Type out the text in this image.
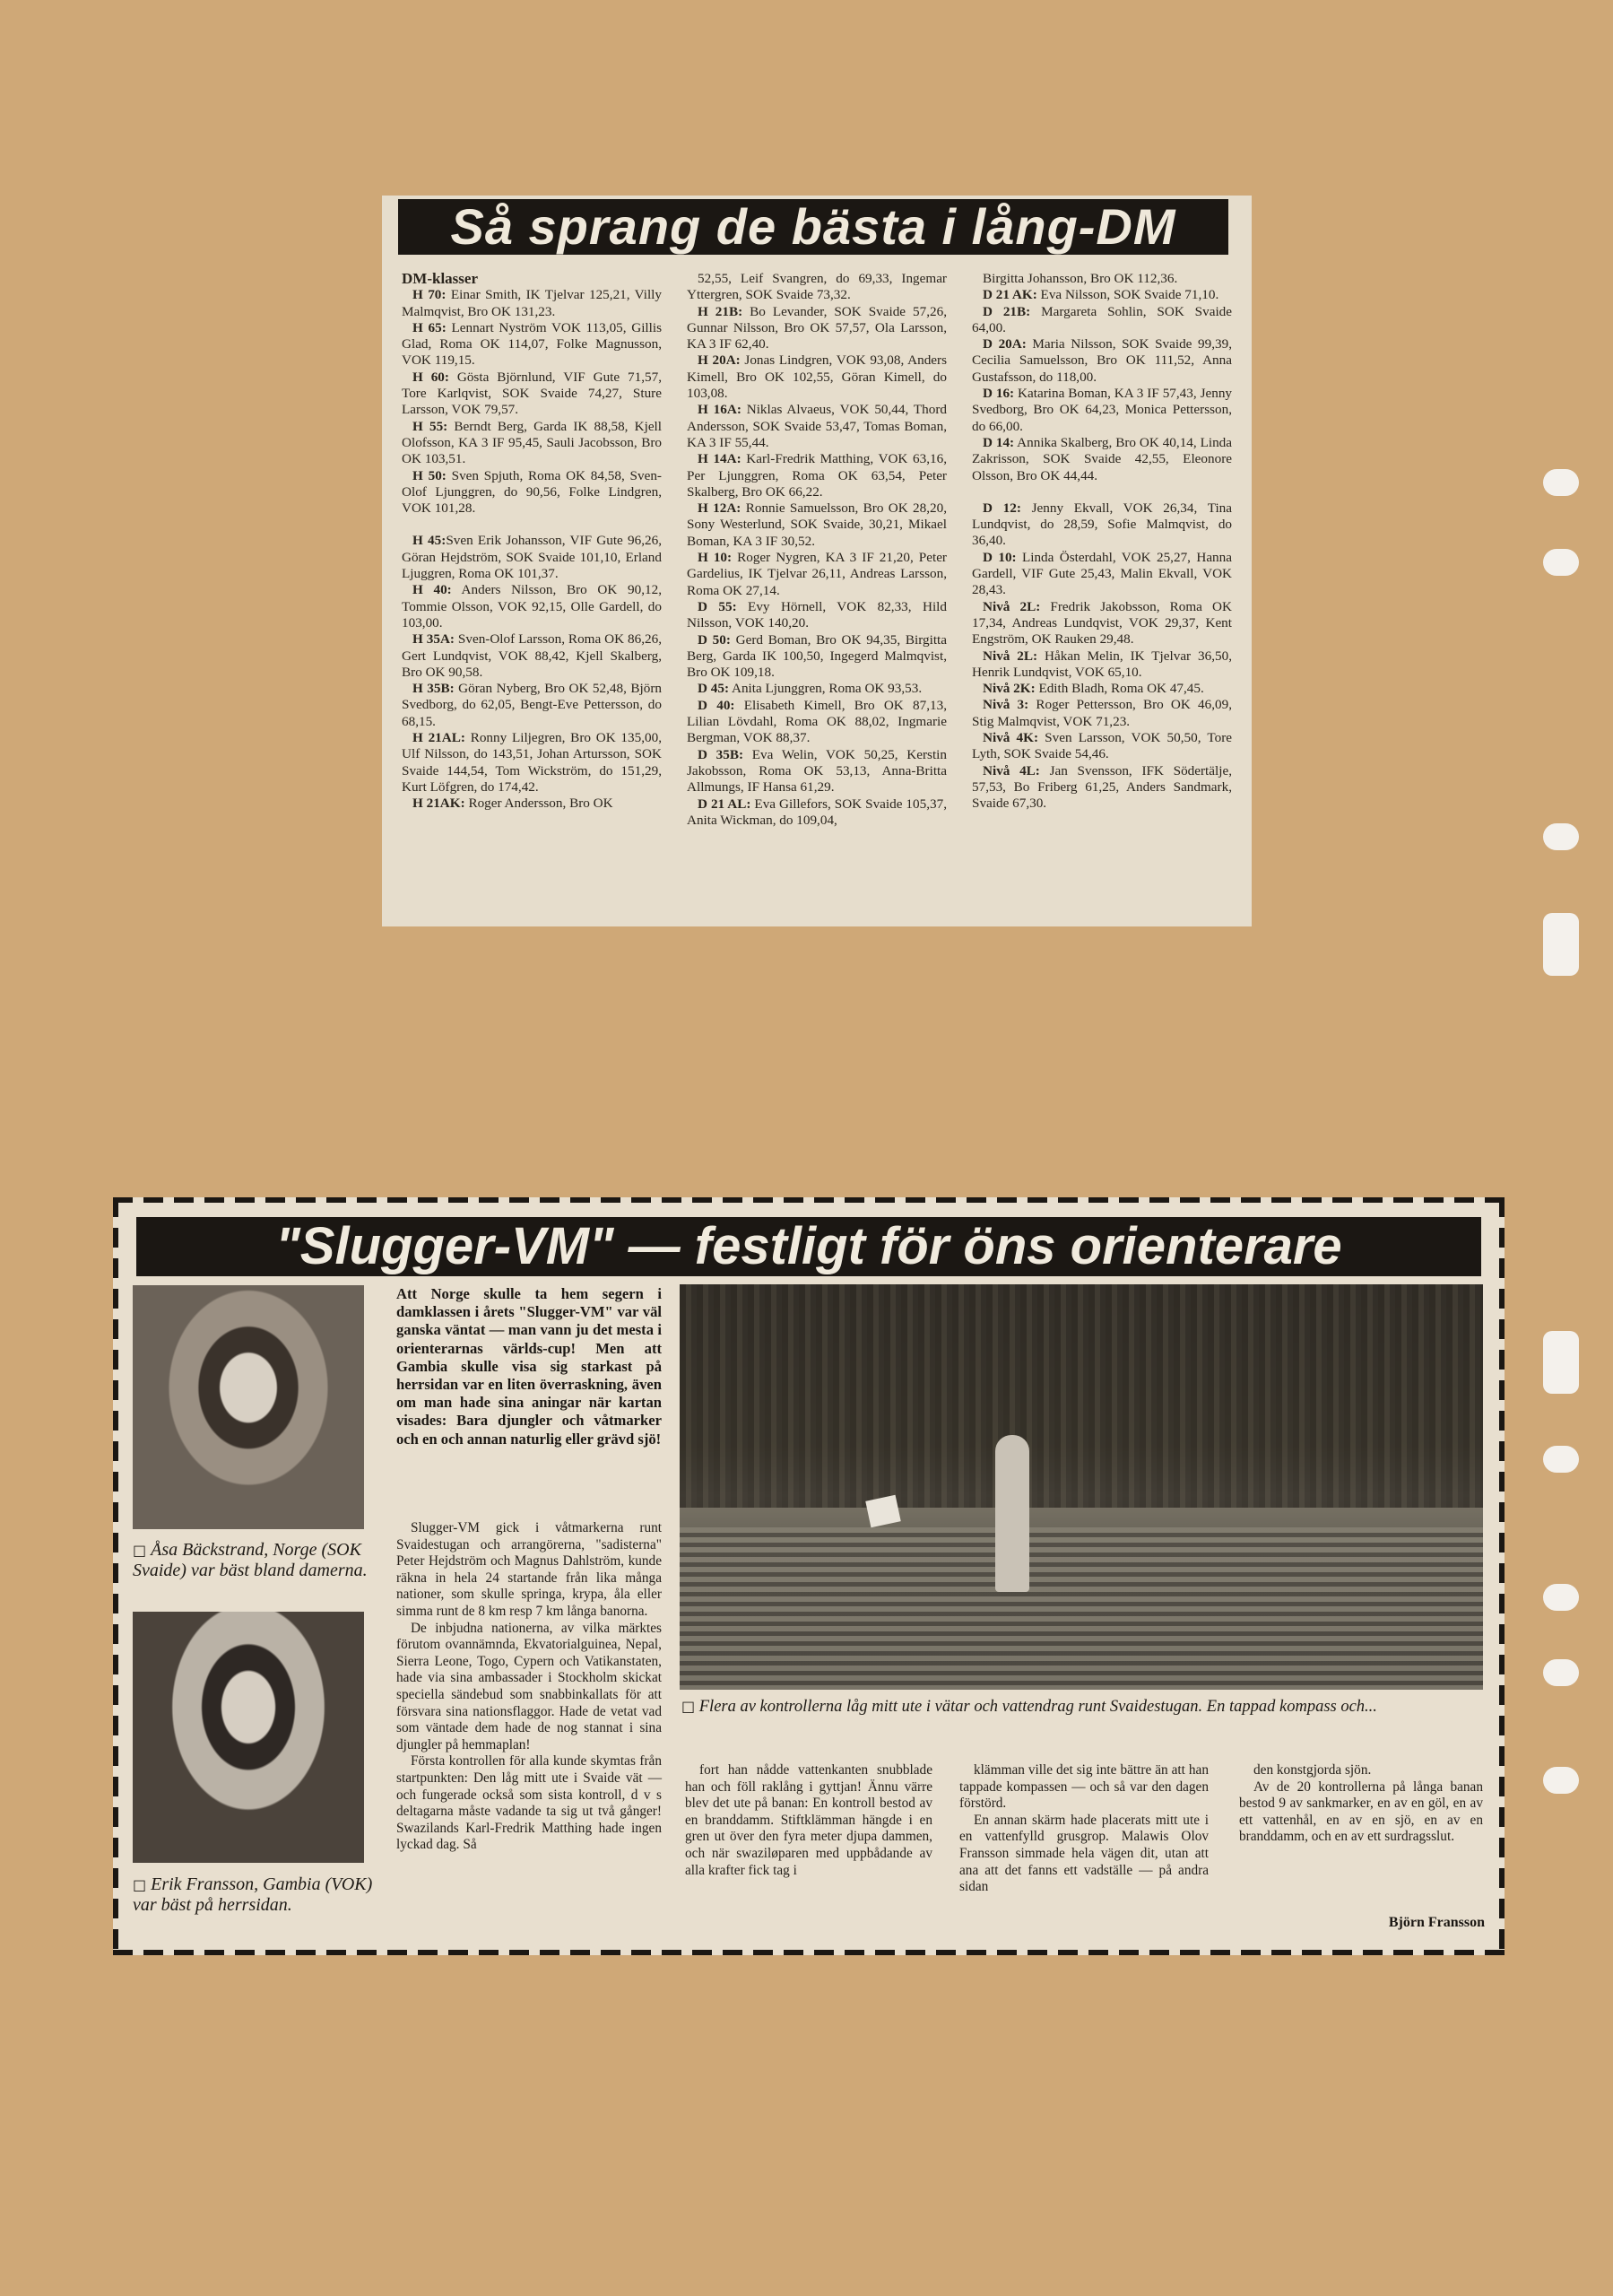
Så sprang de bästa i lång-DM

DM-klasser

H 70: Einar Smith, IK Tjelvar 125,21, Villy Malmqvist, Bro OK 131,23.

H 65: Lennart Nyström VOK 113,05, Gillis Glad, Roma OK 114,07, Folke Magnusson, VOK 119,15.

H 60: Gösta Björnlund, VIF Gute 71,57, Tore Karlqvist, SOK Svaide 74,27, Sture Larsson, VOK 79,57.

H 55: Berndt Berg, Garda IK 88,58, Kjell Olofsson, KA 3 IF 95,45, Sauli Jacobsson, Bro OK 103,51.

H 50: Sven Spjuth, Roma OK 84,58, Sven-Olof Ljunggren, do 90,56, Folke Lindgren, VOK 101,28.

H 45:Sven Erik Johansson, VIF Gute 96,26, Göran Hejdström, SOK Svaide 101,10, Erland Ljuggren, Roma OK 101,37.

H 40: Anders Nilsson, Bro OK 90,12, Tommie Olsson, VOK 92,15, Olle Gardell, do 103,00.

H 35A: Sven-Olof Larsson, Roma OK 86,26, Gert Lundqvist, VOK 88,42, Kjell Skalberg, Bro OK 90,58.

H 35B: Göran Nyberg, Bro OK 52,48, Björn Svedborg, do 62,05, Bengt-Eve Pettersson, do 68,15.

H 21AL: Ronny Liljegren, Bro OK 135,00, Ulf Nilsson, do 143,51, Johan Artursson, SOK Svaide 144,54, Tom Wickström, do 151,29, Kurt Löfgren, do 174,42.

H 21AK: Roger Andersson, Bro OK

52,55, Leif Svangren, do 69,33, Ingemar Yttergren, SOK Svaide 73,32.

H 21B: Bo Levander, SOK Svaide 57,26, Gunnar Nilsson, Bro OK 57,57, Ola Larsson, KA 3 IF 62,40.

H 20A: Jonas Lindgren, VOK 93,08, Anders Kimell, Bro OK 102,55, Göran Kimell, do 103,08.

H 16A: Niklas Alvaeus, VOK 50,44, Thord Andersson, SOK Svaide 53,47, Tomas Boman, KA 3 IF 55,44.

H 14A: Karl-Fredrik Matthing, VOK 63,16, Per Ljunggren, Roma OK 63,54, Peter Skalberg, Bro OK 66,22.

H 12A: Ronnie Samuelsson, Bro OK 28,20, Sony Westerlund, SOK Svaide, 30,21, Mikael Boman, KA 3 IF 30,52.

H 10: Roger Nygren, KA 3 IF 21,20, Peter Gardelius, IK Tjelvar 26,11, Andreas Larsson, Roma OK 27,14.

D 55: Evy Hörnell, VOK 82,33, Hild Nilsson, VOK 140,20.

D 50: Gerd Boman, Bro OK 94,35, Birgitta Berg, Garda IK 100,50, Ingegerd Malmqvist, Bro OK 109,18.

D 45: Anita Ljunggren, Roma OK 93,53.

D 40: Elisabeth Kimell, Bro OK 87,13, Lilian Lövdahl, Roma OK 88,02, Ingmarie Bergman, VOK 88,37.

D 35B: Eva Welin, VOK 50,25, Kerstin Jakobsson, Roma OK 53,13, Anna-Britta Allmungs, IF Hansa 61,29.

D 21 AL: Eva Gillefors, SOK Svaide 105,37, Anita Wickman, do 109,04,

Birgitta Johansson, Bro OK 112,36.

D 21 AK: Eva Nilsson, SOK Svaide 71,10.

D 21B: Margareta Sohlin, SOK Svaide 64,00.

D 20A: Maria Nilsson, SOK Svaide 99,39, Cecilia Samuelsson, Bro OK 111,52, Anna Gustafsson, do 118,00.

D 16: Katarina Boman, KA 3 IF 57,43, Jenny Svedborg, Bro OK 64,23, Monica Pettersson, do 66,00.

D 14: Annika Skalberg, Bro OK 40,14, Linda Zakrisson, SOK Svaide 42,55, Eleonore Olsson, Bro OK 44,44.

D 12: Jenny Ekvall, VOK 26,34, Tina Lundqvist, do 28,59, Sofie Malmqvist, do 36,40.

D 10: Linda Österdahl, VOK 25,27, Hanna Gardell, VIF Gute 25,43, Malin Ekvall, VOK 28,43.

Nivå 2L: Fredrik Jakobsson, Roma OK 17,34, Andreas Lundqvist, VOK 29,37, Kent Engström, OK Rauken 29,48.

Nivå 2L: Håkan Melin, IK Tjelvar 36,50, Henrik Lundqvist, VOK 65,10.

Nivå 2K: Edith Bladh, Roma OK 47,45.

Nivå 3: Roger Pettersson, Bro OK 46,09, Stig Malmqvist, VOK 71,23.

Nivå 4K: Sven Larsson, VOK 50,50, Tore Lyth, SOK Svaide 54,46.

Nivå 4L: Jan Svensson, IFK Södertälje, 57,53, Bo Friberg 61,25, Anders Sandmark, Svaide 67,30.

"Slugger-VM" — festligt för öns orienterare
□ Åsa Bäckstrand, Norge (SOK Svaide) var bäst bland damerna.
□ Erik Fransson, Gambia (VOK) var bäst på herrsidan.
Att Norge skulle ta hem segern i damklassen i årets "Slugger-VM" var väl ganska väntat — man vann ju det mesta i orienterarnas världs-cup! Men att Gambia skulle visa sig starkast på herrsidan var en liten överraskning, även om man hade sina aningar när kartan visades: Bara djungler och våtmarker och en och annan naturlig eller grävd sjö!

Slugger-VM gick i våtmarkerna runt Svaidestugan och arrangörerna, "sadisterna" Peter Hejdström och Magnus Dahlström, kunde räkna in hela 24 startande från lika många nationer, som skulle springa, krypa, åla eller simma runt de 8 km resp 7 km långa banorna.

De inbjudna nationerna, av vilka märktes förutom ovannämnda, Ekvatorialguinea, Nepal, Sierra Leone, Togo, Cypern och Vatikanstaten, hade via sina ambassader i Stockholm skickat speciella sändebud som snabbinkallats för att försvara sina nationsflaggor. Hade de vetat vad som väntade dem hade de nog stannat i sina djungler på hemmaplan!

Första kontrollen för alla kunde skymtas från startpunkten: Den låg mitt ute i Svaide vät — och fungerade också som sista kontroll, d v s deltagarna måste vadande ta sig ut två gånger! Swazilands Karl-Fredrik Matthing hade ingen lyckad dag. Så

□ Flera av kontrollerna låg mitt ute i vätar och vattendrag runt Svaidestugan. En tappad kompass och...

fort han nådde vattenkanten snubblade han och föll raklång i gyttjan! Ännu värre blev det ute på banan: En kontroll bestod av en branddamm. Stiftklämman hängde i en gren ut över den fyra meter djupa dammen, och när swaziløparen med uppbådande av alla krafter fick tag i

klämman ville det sig inte bättre än att han tappade kompassen — och så var den dagen förstörd.

En annan skärm hade placerats mitt ute i en vattenfylld grusgrop. Malawis Olov Fransson simmade hela vägen dit, utan att ana att det fanns ett vadställe — på andra sidan

den konstgjorda sjön.

Av de 20 kontrollerna på långa banan bestod 9 av sankmarker, en av en göl, en av ett vattenhål, en av en sjö, en av en branddamm, och en av ett surdragsslut.

Björn Fransson
